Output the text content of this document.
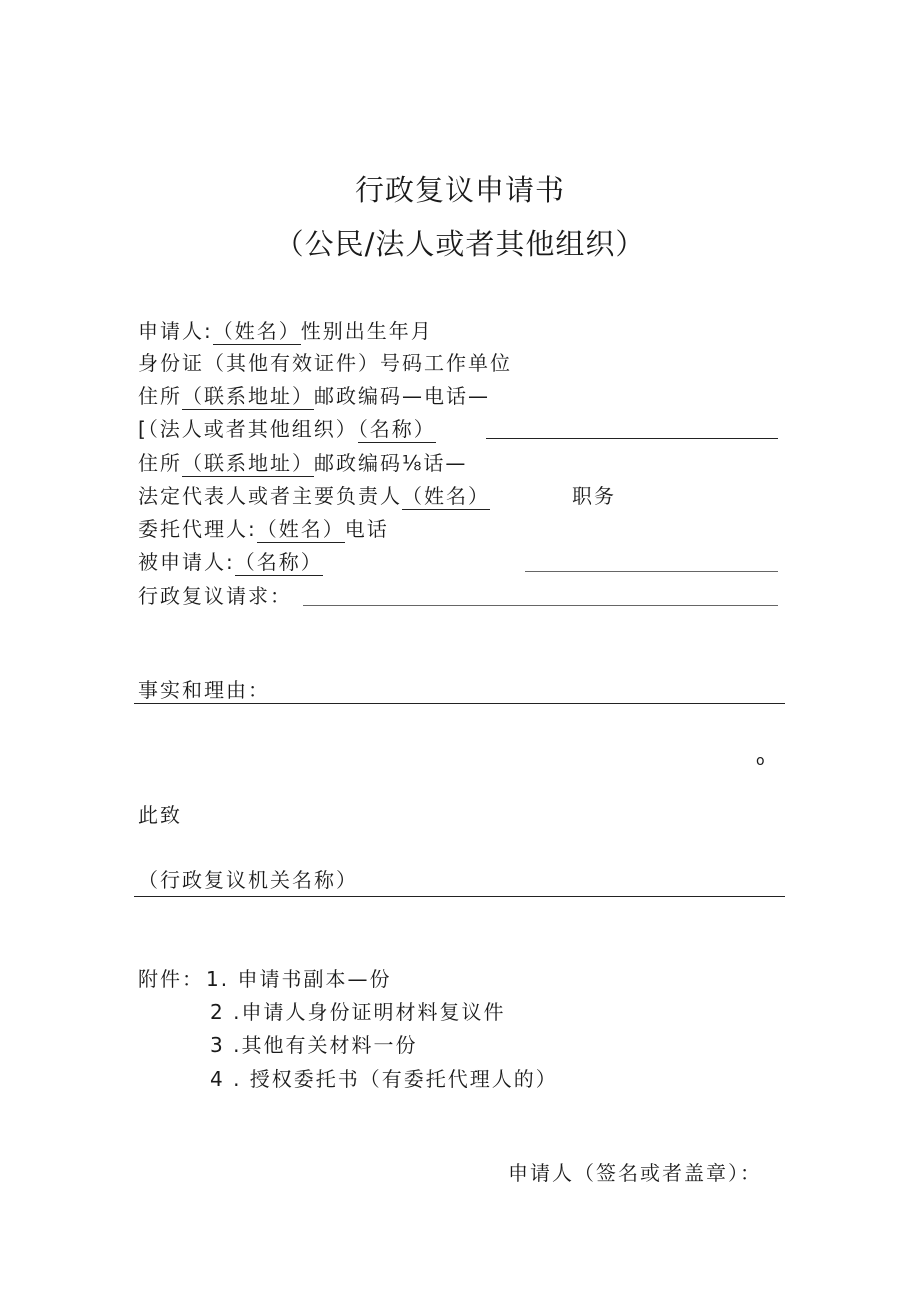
行政复议申请书
（公民/法人或者其他组织）
申请人:（姓名）性别出生年月
身份证（其他有效证件）号码工作单位
住所（联系地址）邮政编码—电话—
[（法人或者其他组织）（名称）
住所（联系地址）邮政编码⅛话—
法定代表人或者主要负责人（姓名）	职务
委托代理人:（姓名）电话
被申请人:（名称）
行政复议请求：
事实和理由：
o
此致
（行政复议机关名称）
附件： 1. 申请书副本—份
2 .申请人身份证明材料复议件
3 .其他有关材料一份
4 . 授权委托书（有委托代理人的）
申请人（签名或者盖章）：
